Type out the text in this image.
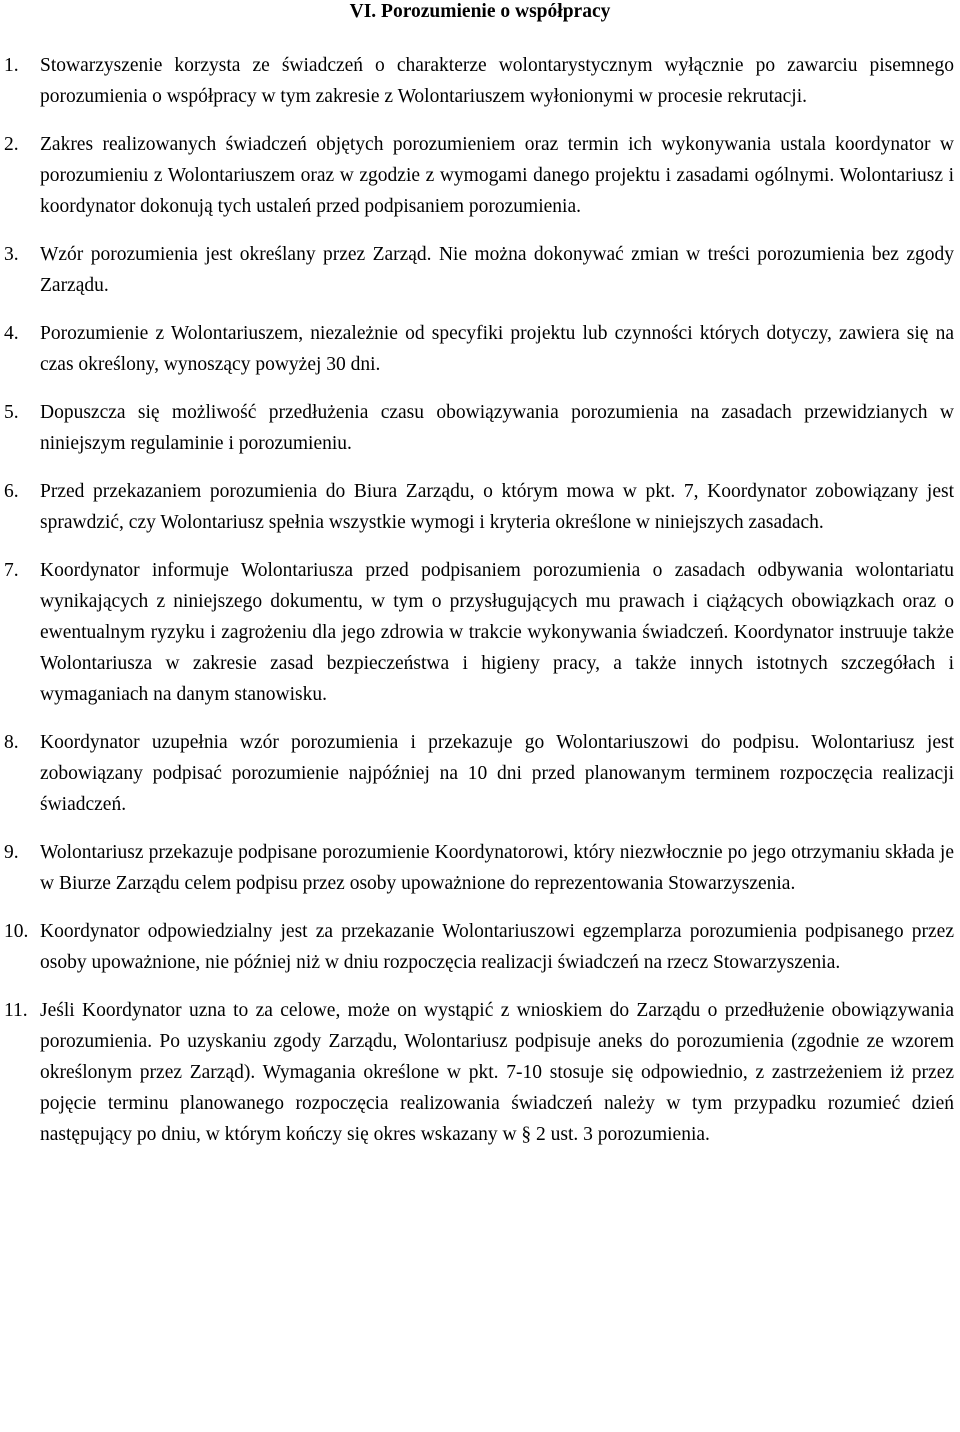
VI. Porozumienie o współpracy
1. Stowarzyszenie korzysta ze świadczeń o charakterze wolontarystycznym wyłącznie po zawarciu pisemnego porozumienia o współpracy w tym zakresie z Wolontariuszem wyłonionymi w procesie rekrutacji.
2. Zakres realizowanych świadczeń objętych porozumieniem oraz termin ich wykonywania ustala koordynator w porozumieniu z Wolontariuszem oraz w zgodzie z wymogami danego projektu i zasadami ogólnymi. Wolontariusz i koordynator dokonują tych ustaleń przed podpisaniem porozumienia.
3. Wzór porozumienia jest określany przez Zarząd. Nie można dokonywać zmian w treści porozumienia bez zgody Zarządu.
4. Porozumienie z Wolontariuszem, niezależnie od specyfiki projektu lub czynności których dotyczy, zawiera się na czas określony, wynoszący powyżej 30 dni.
5. Dopuszcza się możliwość przedłużenia czasu obowiązywania porozumienia na zasadach przewidzianych w niniejszym regulaminie i porozumieniu.
6. Przed przekazaniem porozumienia do Biura Zarządu, o którym mowa w pkt. 7, Koordynator zobowiązany jest sprawdzić, czy Wolontariusz spełnia wszystkie wymogi i kryteria określone w niniejszych zasadach.
7. Koordynator informuje Wolontariusza przed podpisaniem porozumienia o zasadach odbywania wolontariatu wynikających z niniejszego dokumentu, w tym o przysługujących mu prawach i ciążących obowiązkach oraz o ewentualnym ryzyku i zagrożeniu dla jego zdrowia w trakcie wykonywania świadczeń. Koordynator instruuje także Wolontariusza w zakresie zasad bezpieczeństwa i higieny pracy, a także innych istotnych szczegółach i wymaganiach na danym stanowisku.
8. Koordynator uzupełnia wzór porozumienia i przekazuje go Wolontariuszowi do podpisu. Wolontariusz jest zobowiązany podpisać porozumienie najpóźniej na 10 dni przed planowanym terminem rozpoczęcia realizacji świadczeń.
9. Wolontariusz przekazuje podpisane porozumienie Koordynatorowi, który niezwłocznie po jego otrzymaniu składa je w Biurze Zarządu celem podpisu przez osoby upoważnione do reprezentowania Stowarzyszenia.
10. Koordynator odpowiedzialny jest za przekazanie Wolontariuszowi egzemplarza porozumienia podpisanego przez osoby upoważnione, nie później niż w dniu rozpoczęcia realizacji świadczeń na rzecz Stowarzyszenia.
11. Jeśli Koordynator uzna to za celowe, może on wystąpić z wnioskiem do Zarządu o przedłużenie obowiązywania porozumienia. Po uzyskaniu zgody Zarządu, Wolontariusz podpisuje aneks do porozumienia (zgodnie ze wzorem określonym przez Zarząd). Wymagania określone w pkt. 7-10 stosuje się odpowiednio, z zastrzeżeniem iż przez pojęcie terminu planowanego rozpoczęcia realizowania świadczeń należy w tym przypadku rozumieć dzień następujący po dniu, w którym kończy się okres wskazany w § 2 ust. 3 porozumienia.
